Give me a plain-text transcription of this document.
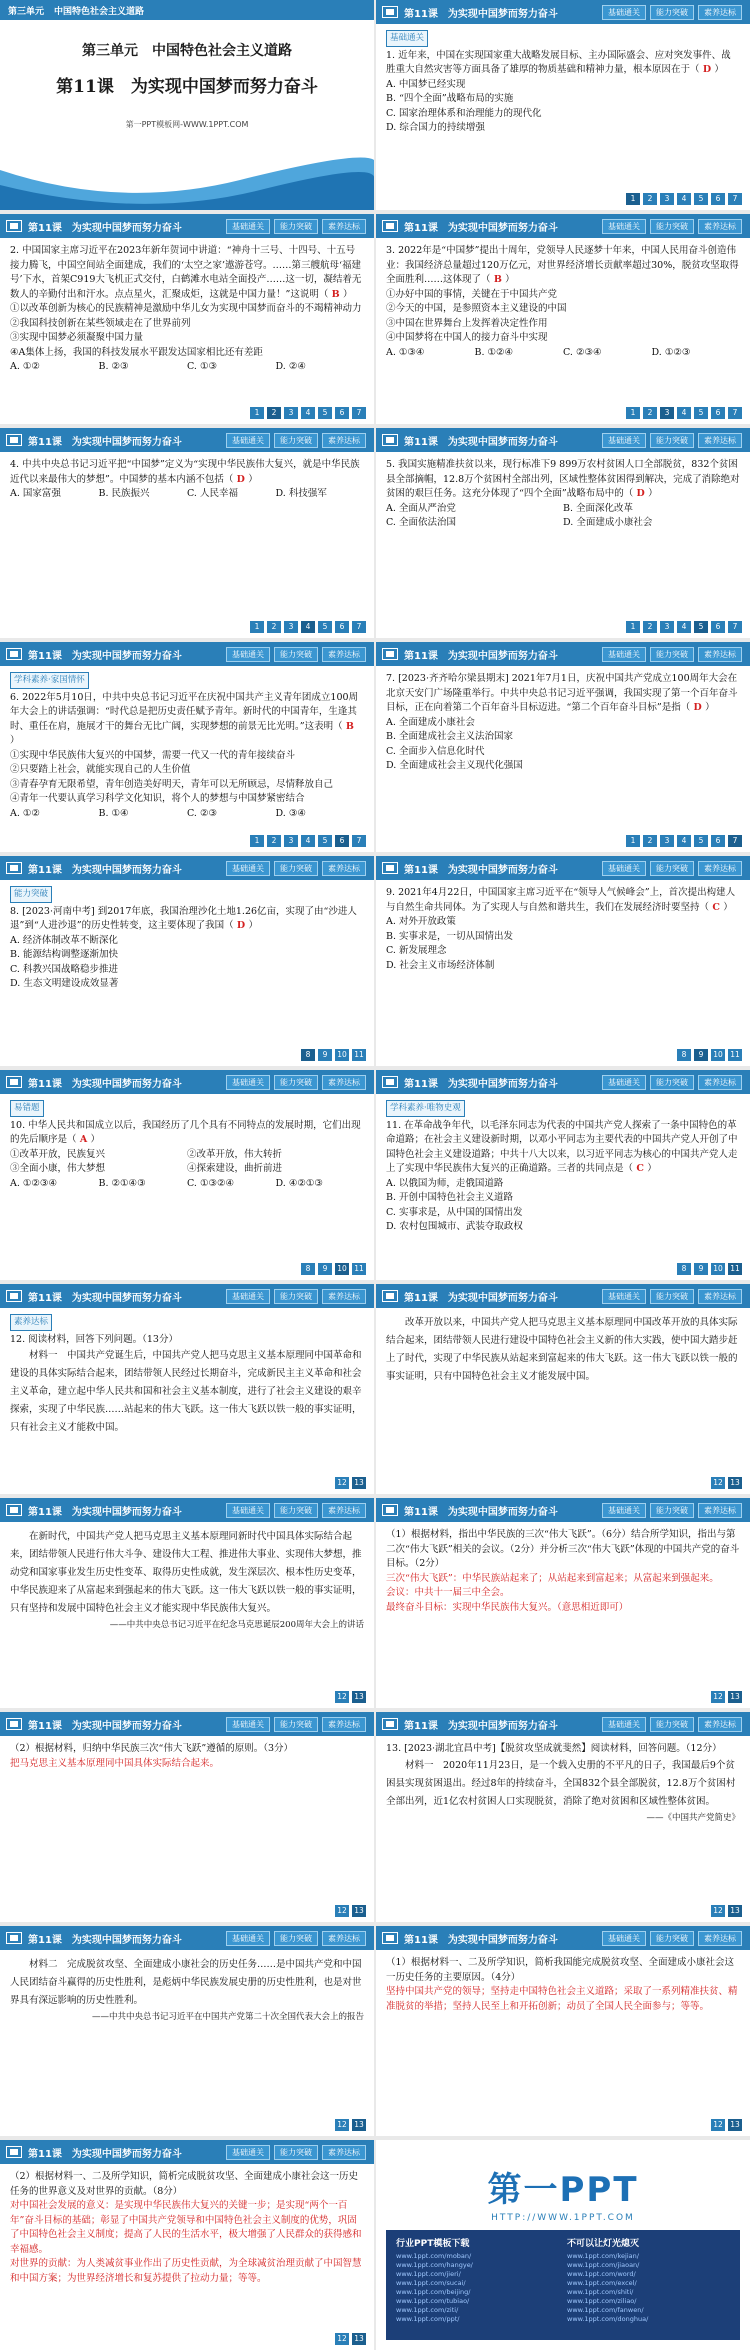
第三单元 中国特色社会主义道路
第三单元　中国特色社会主义道路
第11课　为实现中国梦而努力奋斗
第一PPT模板网-WWW.1PPT.COM
第11课　为实现中国梦而努力奋斗	基础通关	能力突破	素养达标
基础通关

1. 近年来，中国在实现国家重大战略发展目标、主办国际盛会、应对突发事件、战胜重大自然灾害等方面具备了雄厚的物质基础和精神力量，根本原因在于（ D ）

A. 中国梦已经实现

B. “四个全面”战略布局的实施

C. 国家治理体系和治理能力的现代化

D. 综合国力的持续增强

1	2	3	4	5	6	7
第11课　为实现中国梦而努力奋斗	基础通关	能力突破	素养达标

2. 中国国家主席习近平在2023年新年贺词中讲道：“神舟十三号、十四号、十五号接力腾飞，中国空间站全面建成，我们的‘太空之家’遨游苍穹。……第三艘航母‘福建号’下水，首架C919大飞机正式交付，白鹤滩水电站全面投产……这一切，凝结着无数人的辛勤付出和汗水。点点星火，汇聚成炬，这就是中国力量！”这说明（ B ）

①以改革创新为核心的民族精神是激励中华儿女为实现中国梦而奋斗的不竭精神动力

②我国科技创新在某些领域走在了世界前列

③实现中国梦必须凝聚中国力量

④A集体上扬，我国的科技发展水平跟发达国家相比还有差距

A. ①②	B. ②③	C. ①③	D. ②④
1	2	3	4	5	6	7
第11课　为实现中国梦而努力奋斗	基础通关	能力突破	素养达标

3. 2022年是“中国梦”提出十周年，党领导人民逐梦十年来，中国人民用奋斗创造伟业：我国经济总量超过120万亿元，对世界经济增长贡献率超过30%，脱贫攻坚取得全面胜利……这体现了（ B ）

①办好中国的事情，关键在于中国共产党

②今天的中国，是参照资本主义建设的中国

③中国在世界舞台上发挥着决定性作用

④中国梦将在中国人的接力奋斗中实现

A. ①③④	B. ①②④	C. ②③④	D. ①②③
1	2	3	4	5	6	7
第11课　为实现中国梦而努力奋斗	基础通关	能力突破	素养达标

4. 中共中央总书记习近平把“中国梦”定义为“实现中华民族伟大复兴，就是中华民族近代以来最伟大的梦想”。中国梦的基本内涵不包括（ D ）

A. 国家富强	B. 民族振兴	C. 人民幸福	D. 科技强军
1	2	3	4	5	6	7
第11课　为实现中国梦而努力奋斗	基础通关	能力突破	素养达标

5. 我国实施精准扶贫以来，现行标准下9 899万农村贫困人口全部脱贫，832个贫困县全部摘帽，12.8万个贫困村全部出列，区域性整体贫困得到解决，完成了消除绝对贫困的艰巨任务。这充分体现了“四个全面”战略布局中的（ D ）

A. 全面从严治党	B. 全面深化改革
C. 全面依法治国	D. 全面建成小康社会
1	2	3	4	5	6	7
第11课　为实现中国梦而努力奋斗	基础通关	能力突破	素养达标
学科素养·家国情怀

6. 2022年5月10日，中共中央总书记习近平在庆祝中国共产主义青年团成立100周年大会上的讲话强调：“时代总是把历史责任赋予青年。新时代的中国青年，生逢其时、重任在肩，施展才干的舞台无比广阔，实现梦想的前景无比光明。”这表明（ B ）

①实现中华民族伟大复兴的中国梦，需要一代又一代的青年接续奋斗

②只要踏上社会，就能实现自己的人生价值

③青春孕育无限希望，青年创造美好明天，青年可以无所顾忌，尽情释放自己

④青年一代要认真学习科学文化知识，将个人的梦想与中国梦紧密结合

A. ①②	B. ①④	C. ②③	D. ③④
1	2	3	4	5	6	7
第11课　为实现中国梦而努力奋斗	基础通关	能力突破	素养达标

7. [2023·齐齐哈尔梁县期末] 2021年7月1日，庆祝中国共产党成立100周年大会在北京天安门广场隆重举行。中共中央总书记习近平强调，我国实现了第一个百年奋斗目标，正在向着第二个百年奋斗目标迈进。“第二个百年奋斗目标”是指（ D ）

A. 全面建成小康社会

B. 全面建成社会主义法治国家

C. 全面步入信息化时代

D. 全面建成社会主义现代化强国

1	2	3	4	5	6	7
第11课　为实现中国梦而努力奋斗	基础通关	能力突破	素养达标
能力突破

8. [2023·河南中考] 到2017年底，我国治理沙化土地1.26亿亩，实现了由“沙进人退”到“人进沙退”的历史性转变，这主要体现了我国（ D ）

A. 经济体制改革不断深化

B. 能源结构调整逐渐加快

C. 科教兴国战略稳步推进

D. 生态文明建设成效显著

8	9	10 11
第11课　为实现中国梦而努力奋斗	基础通关	能力突破	素养达标

9. 2021年4月22日，中国国家主席习近平在“领导人气候峰会”上，首次提出构建人与自然生命共同体。为了实现人与自然和谐共生，我们在发展经济时要坚持（ C ）

A. 对外开放政策

B. 实事求是，一切从国情出发

C. 新发展理念

D. 社会主义市场经济体制

8	9	10 11
第11课　为实现中国梦而努力奋斗	基础通关	能力突破	素养达标
易错题

10. 中华人民共和国成立以后，我国经历了几个具有不同特点的发展时期，它们出现的先后顺序是（ A ）

①改革开放，民族复兴	②改革开放，伟大转折
③全面小康，伟大梦想	④探索建设，曲折前进
A. ①②③④	B. ②①④③	C. ①③②④	D. ④②①③
8	9	10 11
第11课　为实现中国梦而努力奋斗	基础通关	能力突破	素养达标
学科素养·唯物史观

11. 在革命战争年代，以毛泽东同志为代表的中国共产党人探索了一条中国特色的革命道路；在社会主义建设新时期，以邓小平同志为主要代表的中国共产党人开创了中国特色社会主义建设道路；中共十八大以来，以习近平同志为核心的中国共产党人走上了实现中华民族伟大复兴的正确道路。三者的共同点是（ C ）

A. 以俄国为师，走俄国道路

B. 开创中国特色社会主义道路

C. 实事求是，从中国的国情出发

D. 农村包围城市、武装夺取政权

8	9	10 11
第11课　为实现中国梦而努力奋斗	基础通关	能力突破	素养达标
素养达标

12. 阅读材料，回答下列问题。（13分）

材料一　中国共产党诞生后，中国共产党人把马克思主义基本原理同中国革命和建设的具体实际结合起来，团结带领人民经过长期奋斗，完成新民主主义革命和社会主义革命，建立起中华人民共和国和社会主义基本制度，进行了社会主义建设的艰辛探索，实现了中华民族……站起来的伟大飞跃。这一伟大飞跃以铁一般的事实证明，只有社会主义才能救中国。

12 13
第11课　为实现中国梦而努力奋斗	基础通关	能力突破	素养达标

改革开放以来，中国共产党人把马克思主义基本原理同中国改革开放的具体实际结合起来，团结带领人民进行建设中国特色社会主义新的伟大实践，使中国大踏步赶上了时代，实现了中华民族从站起来到富起来的伟大飞跃。这一伟大飞跃以铁一般的事实证明，只有中国特色社会主义才能发展中国。

12 13
第11课　为实现中国梦而努力奋斗	基础通关	能力突破	素养达标

在新时代，中国共产党人把马克思主义基本原理同新时代中国具体实际结合起来，团结带领人民进行伟大斗争、建设伟大工程、推进伟大事业、实现伟大梦想，推动党和国家事业发生历史性变革、取得历史性成就，发生深层次、根本性历史变革，中华民族迎来了从富起来到强起来的伟大飞跃。这一伟大飞跃以铁一般的事实证明，只有坚持和发展中国特色社会主义才能实现中华民族伟大复兴。

——中共中央总书记习近平在纪念马克思诞辰200周年大会上的讲话

12 13
第11课　为实现中国梦而努力奋斗	基础通关	能力突破	素养达标

（1）根据材料，指出中华民族的三次“伟大飞跃”。（6分）结合所学知识，指出与第二次“伟大飞跃”相关的会议。（2分）并分析三次“伟大飞跃”体现的中国共产党的奋斗目标。（2分）

三次“伟大飞跃”：中华民族站起来了；从站起来到富起来；从富起来到强起来。

会议：中共十一届三中全会。

最终奋斗目标：实现中华民族伟大复兴。（意思相近即可）

12 13
第11课　为实现中国梦而努力奋斗	基础通关	能力突破	素养达标

（2）根据材料，归纳中华民族三次“伟大飞跃”遵循的原则。（3分）

把马克思主义基本原理同中国具体实际结合起来。

12 13
第11课　为实现中国梦而努力奋斗	基础通关	能力突破	素养达标

13. [2023·湖北宜昌中考]【脱贫攻坚成就斐然】阅读材料，回答问题。（12分）

材料一　2020年11月23日，是一个载入史册的不平凡的日子，我国最后9个贫困县实现贫困退出。经过8年的持续奋斗，全国832个县全部脱贫，12.8万个贫困村全部出列，近1亿农村贫困人口实现脱贫，消除了绝对贫困和区域性整体贫困。

——《中国共产党简史》

12 13
第11课　为实现中国梦而努力奋斗	基础通关	能力突破	素养达标

材料二　完成脱贫攻坚、全面建成小康社会的历史任务……是中国共产党和中国人民团结奋斗赢得的历史性胜利，是彪炳中华民族发展史册的历史性胜利，也是对世界具有深远影响的历史性胜利。

——中共中央总书记习近平在中国共产党第二十次全国代表大会上的报告

12 13
第11课　为实现中国梦而努力奋斗	基础通关	能力突破	素养达标

（1）根据材料一、二及所学知识，简析我国能完成脱贫攻坚、全面建成小康社会这一历史任务的主要原因。（4分）

坚持中国共产党的领导；坚持走中国特色社会主义道路；采取了一系列精准扶贫、精准脱贫的举措；坚持人民至上和开拓创新；动员了全国人民全面参与；等等。

12 13
第11课　为实现中国梦而努力奋斗	基础通关	能力突破	素养达标

（2）根据材料一、二及所学知识，简析完成脱贫攻坚、全面建成小康社会这一历史任务的世界意义及对世界的贡献。（8分）

对中国社会发展的意义：是实现中华民族伟大复兴的关键一步；是实现“两个一百年”奋斗目标的基础；彰显了中国共产党领导和中国特色社会主义制度的优势，巩固了中国特色社会主义制度；提高了人民的生活水平，极大增强了人民群众的获得感和幸福感。

对世界的贡献：为人类减贫事业作出了历史性贡献，为全球减贫治理贡献了中国智慧和中国方案；为世界经济增长和复苏提供了拉动力量；等等。

12 13
第一PPT
HTTP://WWW.1PPT.COM
行业PPT模板下载
www.1ppt.com/moban/
www.1ppt.com/hangye/
www.1ppt.com/jieri/
www.1ppt.com/sucai/
www.1ppt.com/beijing/
www.1ppt.com/tubiao/
www.1ppt.com/ziti/
www.1ppt.com/ppt/
不可以让灯光熄灭
www.1ppt.com/kejian/
www.1ppt.com/jiaoan/
www.1ppt.com/word/
www.1ppt.com/excel/
www.1ppt.com/shiti/
www.1ppt.com/ziliao/
www.1ppt.com/fanwen/
www.1ppt.com/donghua/
